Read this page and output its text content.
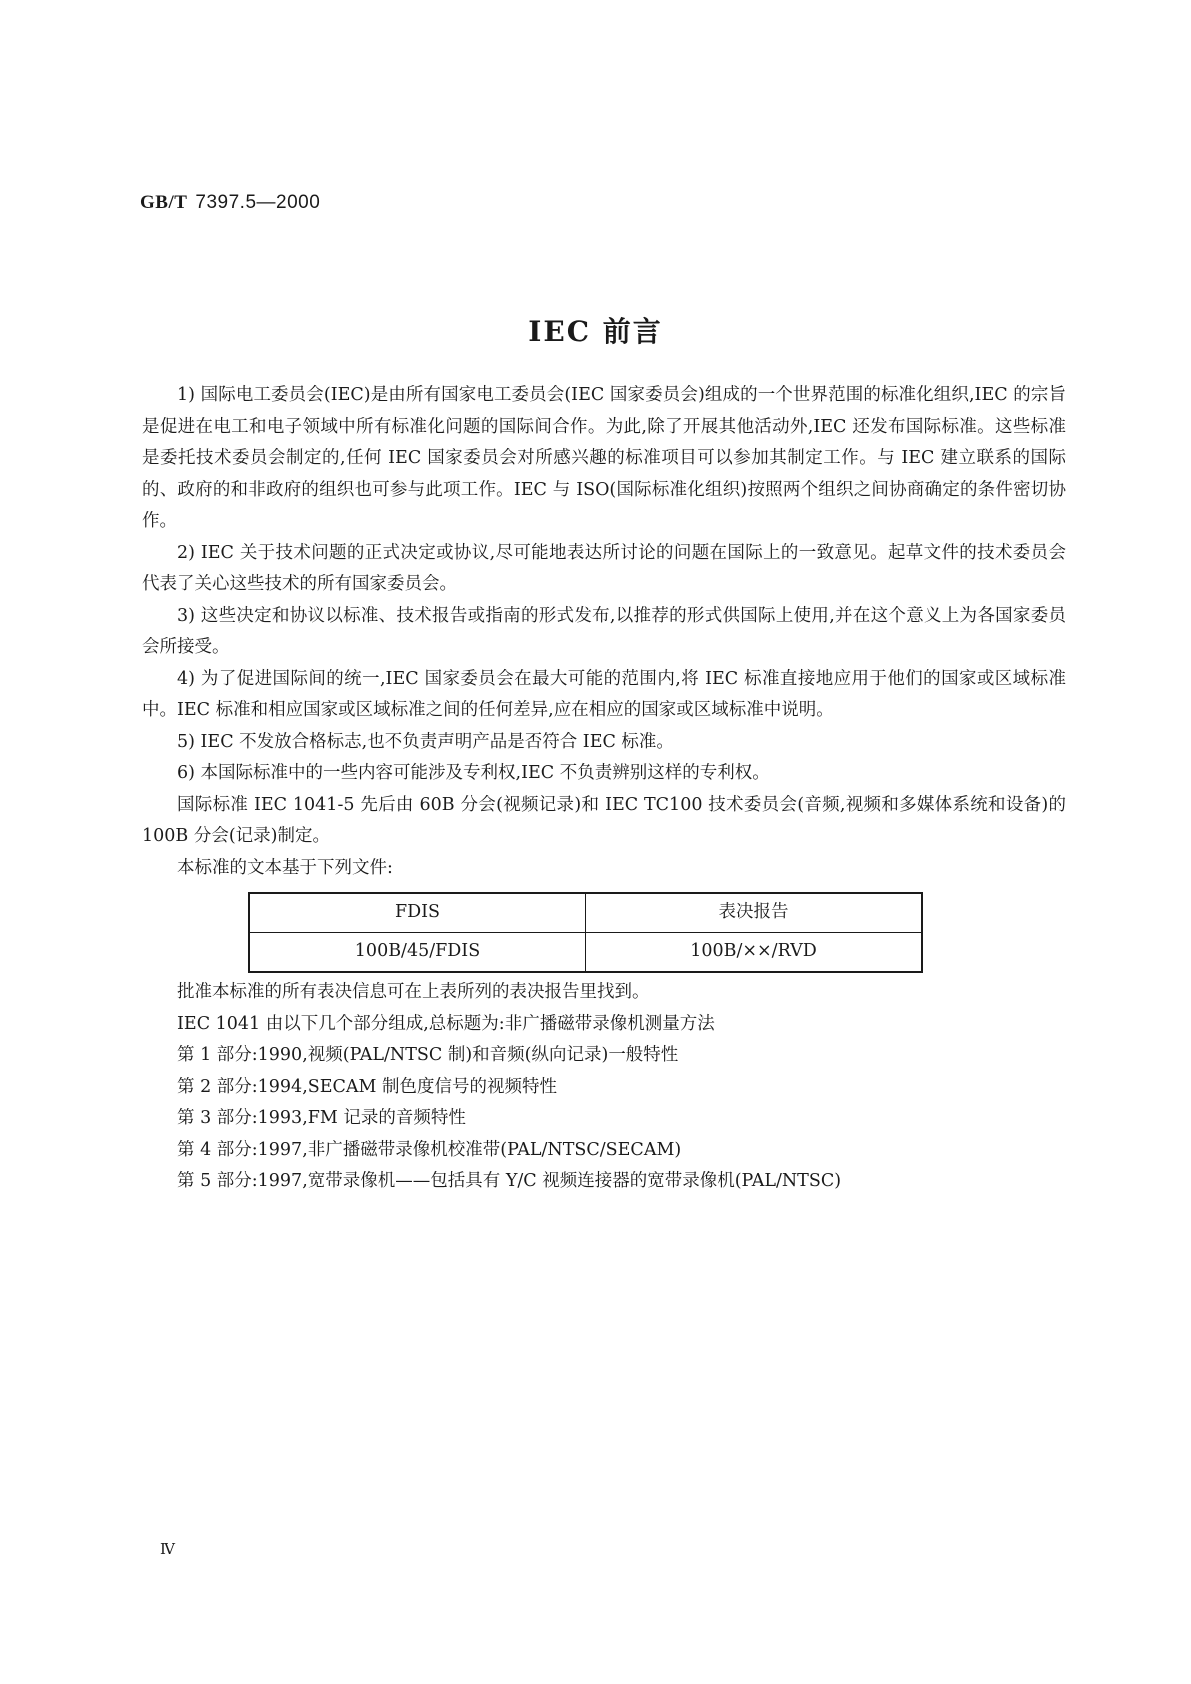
GB/T 7397.5—2000
IEC 前言

1) 国际电工委员会(IEC)是由所有国家电工委员会(IEC 国家委员会)组成的一个世界范围的标准化组织,IEC 的宗旨是促进在电工和电子领域中所有标准化问题的国际间合作。为此,除了开展其他活动外,IEC 还发布国际标准。这些标准是委托技术委员会制定的,任何 IEC 国家委员会对所感兴趣的标准项目可以参加其制定工作。与 IEC 建立联系的国际的、政府的和非政府的组织也可参与此项工作。IEC 与 ISO(国际标准化组织)按照两个组织之间协商确定的条件密切协作。

2) IEC 关于技术问题的正式决定或协议,尽可能地表达所讨论的问题在国际上的一致意见。起草文件的技术委员会代表了关心这些技术的所有国家委员会。

3) 这些决定和协议以标准、技术报告或指南的形式发布,以推荐的形式供国际上使用,并在这个意义上为各国家委员会所接受。

4) 为了促进国际间的统一,IEC 国家委员会在最大可能的范围内,将 IEC 标准直接地应用于他们的国家或区域标准中。IEC 标准和相应国家或区域标准之间的任何差异,应在相应的国家或区域标准中说明。

5) IEC 不发放合格标志,也不负责声明产品是否符合 IEC 标准。

6) 本国际标准中的一些内容可能涉及专利权,IEC 不负责辨别这样的专利权。

国际标准 IEC 1041-5 先后由 60B 分会(视频记录)和 IEC TC100 技术委员会(音频,视频和多媒体系统和设备)的 100B 分会(记录)制定。

本标准的文本基于下列文件:

FDIS	表决报告
100B/45/FDIS	100B/××/RVD

批准本标准的所有表决信息可在上表所列的表决报告里找到。

IEC 1041 由以下几个部分组成,总标题为:非广播磁带录像机测量方法

第 1 部分:1990,视频(PAL/NTSC 制)和音频(纵向记录)一般特性

第 2 部分:1994,SECAM 制色度信号的视频特性

第 3 部分:1993,FM 记录的音频特性

第 4 部分:1997,非广播磁带录像机校准带(PAL/NTSC/SECAM)

第 5 部分:1997,宽带录像机——包括具有 Y/C 视频连接器的宽带录像机(PAL/NTSC)

Ⅳ
